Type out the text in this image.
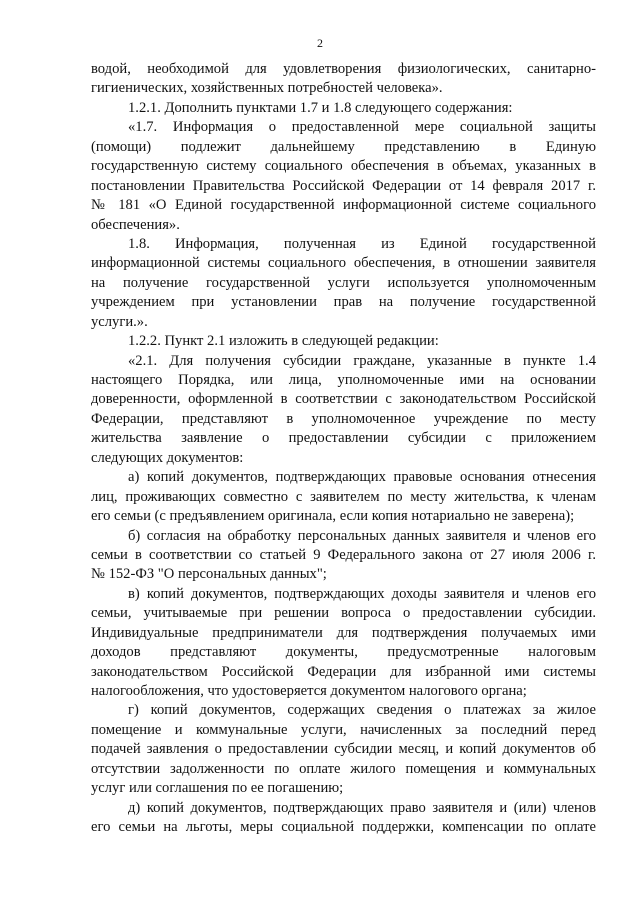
2
водой, необходимой для удовлетворения физиологических, санитарно-
гигиенических, хозяйственных потребностей человека».
1.2.1. Дополнить пунктами 1.7 и 1.8 следующего содержания:
«1.7. Информация о предоставленной мере социальной защиты
(помощи) подлежит дальнейшему представлению в Единую
государственную систему социального обеспечения в объемах, указанных в
постановлении Правительства Российской Федерации от 14 февраля 2017 г.
№ 181 «О Единой государственной информационной системе социального
обеспечения».
1.8. Информация, полученная из Единой государственной
информационной системы социального обеспечения, в отношении заявителя
на получение государственной услуги используется уполномоченным
учреждением при установлении прав на получение государственной
услуги.».
1.2.2. Пункт 2.1 изложить в следующей редакции:
«2.1. Для получения субсидии граждане, указанные в пункте 1.4
настоящего Порядка, или лица, уполномоченные ими на основании
доверенности, оформленной в соответствии с законодательством Российской
Федерации, представляют в уполномоченное учреждение по месту
жительства заявление о предоставлении субсидии с приложением
следующих документов:
а) копий документов, подтверждающих правовые основания отнесения
лиц, проживающих совместно с заявителем по месту жительства, к членам
его семьи (с предъявлением оригинала, если копия нотариально не заверена);
б) согласия на обработку персональных данных заявителя и членов его
семьи в соответствии со статьей 9 Федерального закона от 27 июля 2006 г.
№ 152-ФЗ "О персональных данных";
в) копий документов, подтверждающих доходы заявителя и членов его
семьи, учитываемые при решении вопроса о предоставлении субсидии.
Индивидуальные предприниматели для подтверждения получаемых ими
доходов представляют документы, предусмотренные налоговым
законодательством Российской Федерации для избранной ими системы
налогообложения, что удостоверяется документом налогового органа;
г) копий документов, содержащих сведения о платежах за жилое
помещение и коммунальные услуги, начисленных за последний перед
подачей заявления о предоставлении субсидии месяц, и копий документов об
отсутствии задолженности по оплате жилого помещения и коммунальных
услуг или соглашения по ее погашению;
д) копий документов, подтверждающих право заявителя и (или) членов
его семьи на льготы, меры социальной поддержки, компенсации по оплате
